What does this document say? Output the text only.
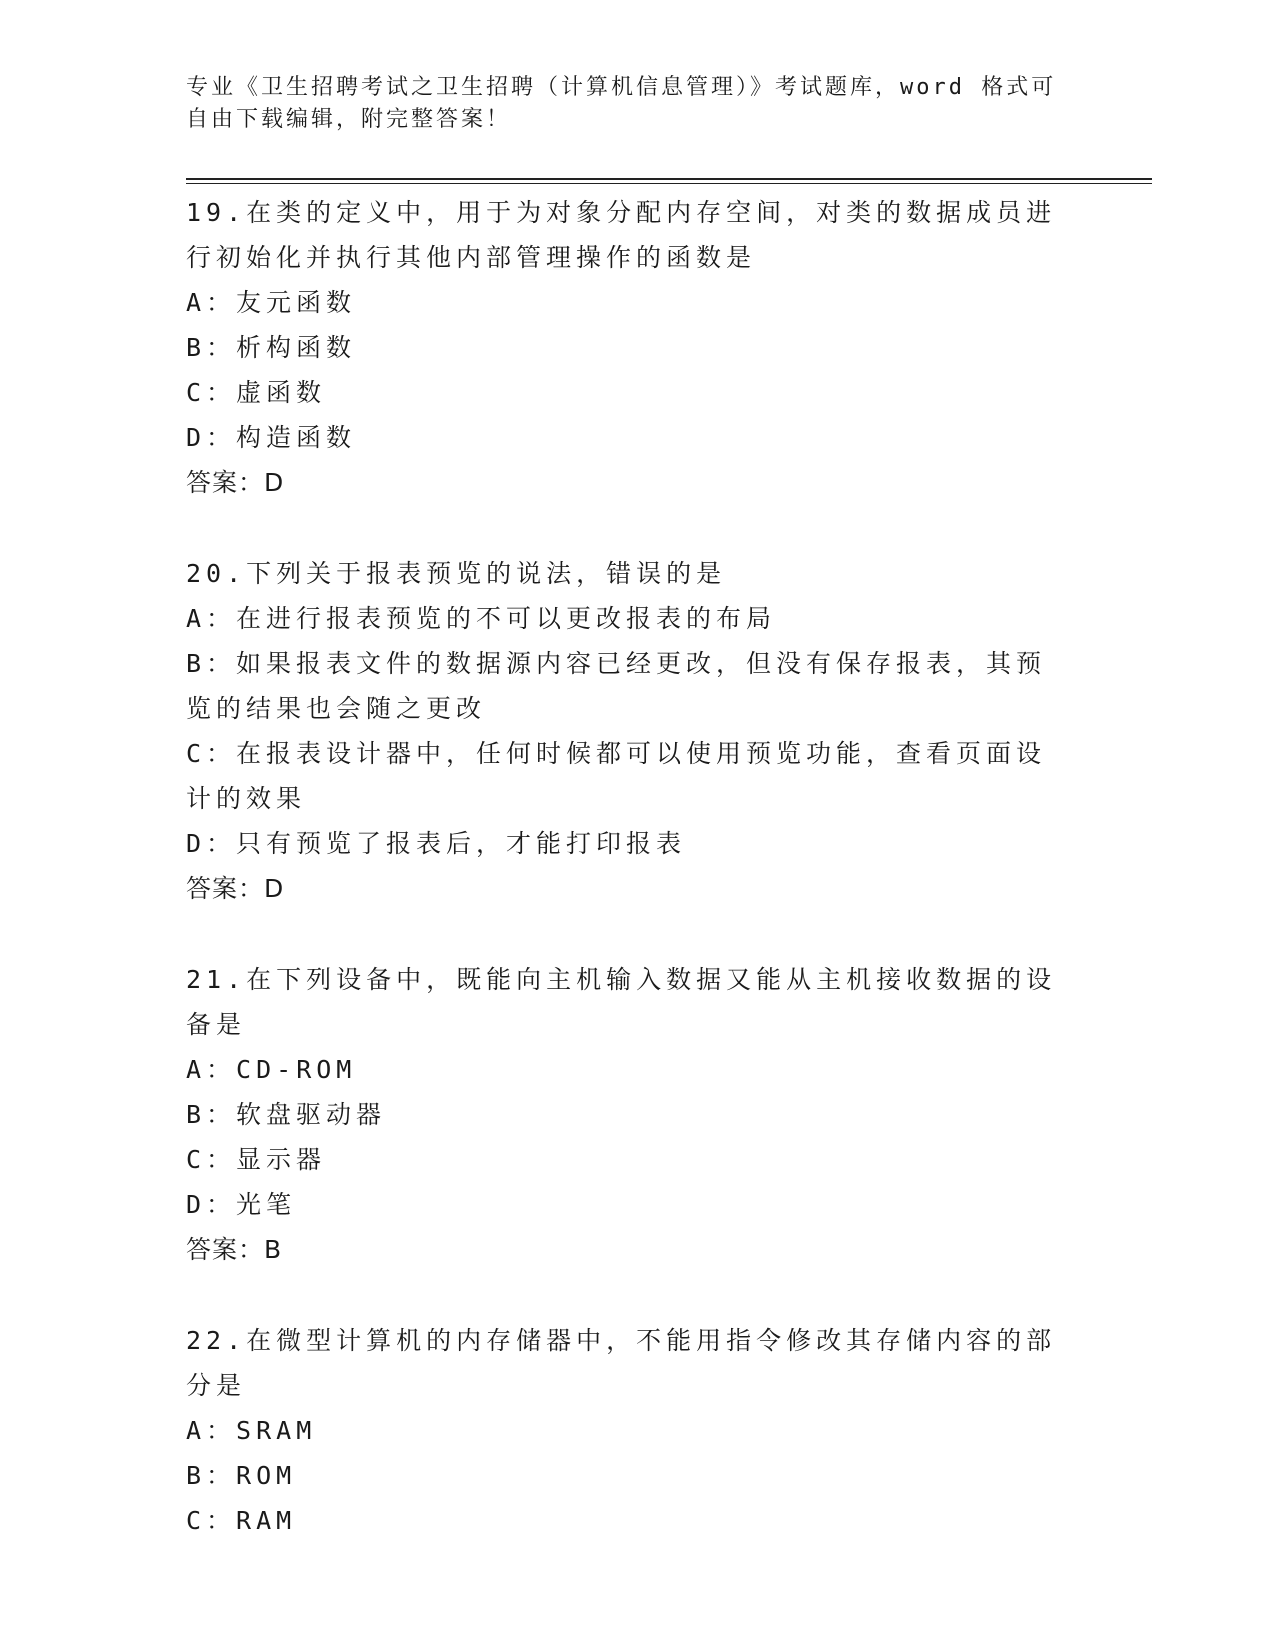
专业《卫生招聘考试之卫生招聘（计算机信息管理）》考试题库，word 格式可自由下载编辑，附完整答案！
19.在类的定义中，用于为对象分配内存空间，对类的数据成员进行初始化并执行其他内部管理操作的函数是
A：友元函数
B：析构函数
C：虚函数
D：构造函数
答案：D
20.下列关于报表预览的说法，错误的是
A：在进行报表预览的不可以更改报表的布局
B：如果报表文件的数据源内容已经更改，但没有保存报表，其预览的结果也会随之更改
C：在报表设计器中，任何时候都可以使用预览功能，查看页面设计的效果
D：只有预览了报表后，才能打印报表
答案：D
21.在下列设备中，既能向主机输入数据又能从主机接收数据的设备是
A：CD-ROM
B：软盘驱动器
C：显示器
D：光笔
答案：B
22.在微型计算机的内存储器中，不能用指令修改其存储内容的部分是
A：SRAM
B：ROM
C：RAM
